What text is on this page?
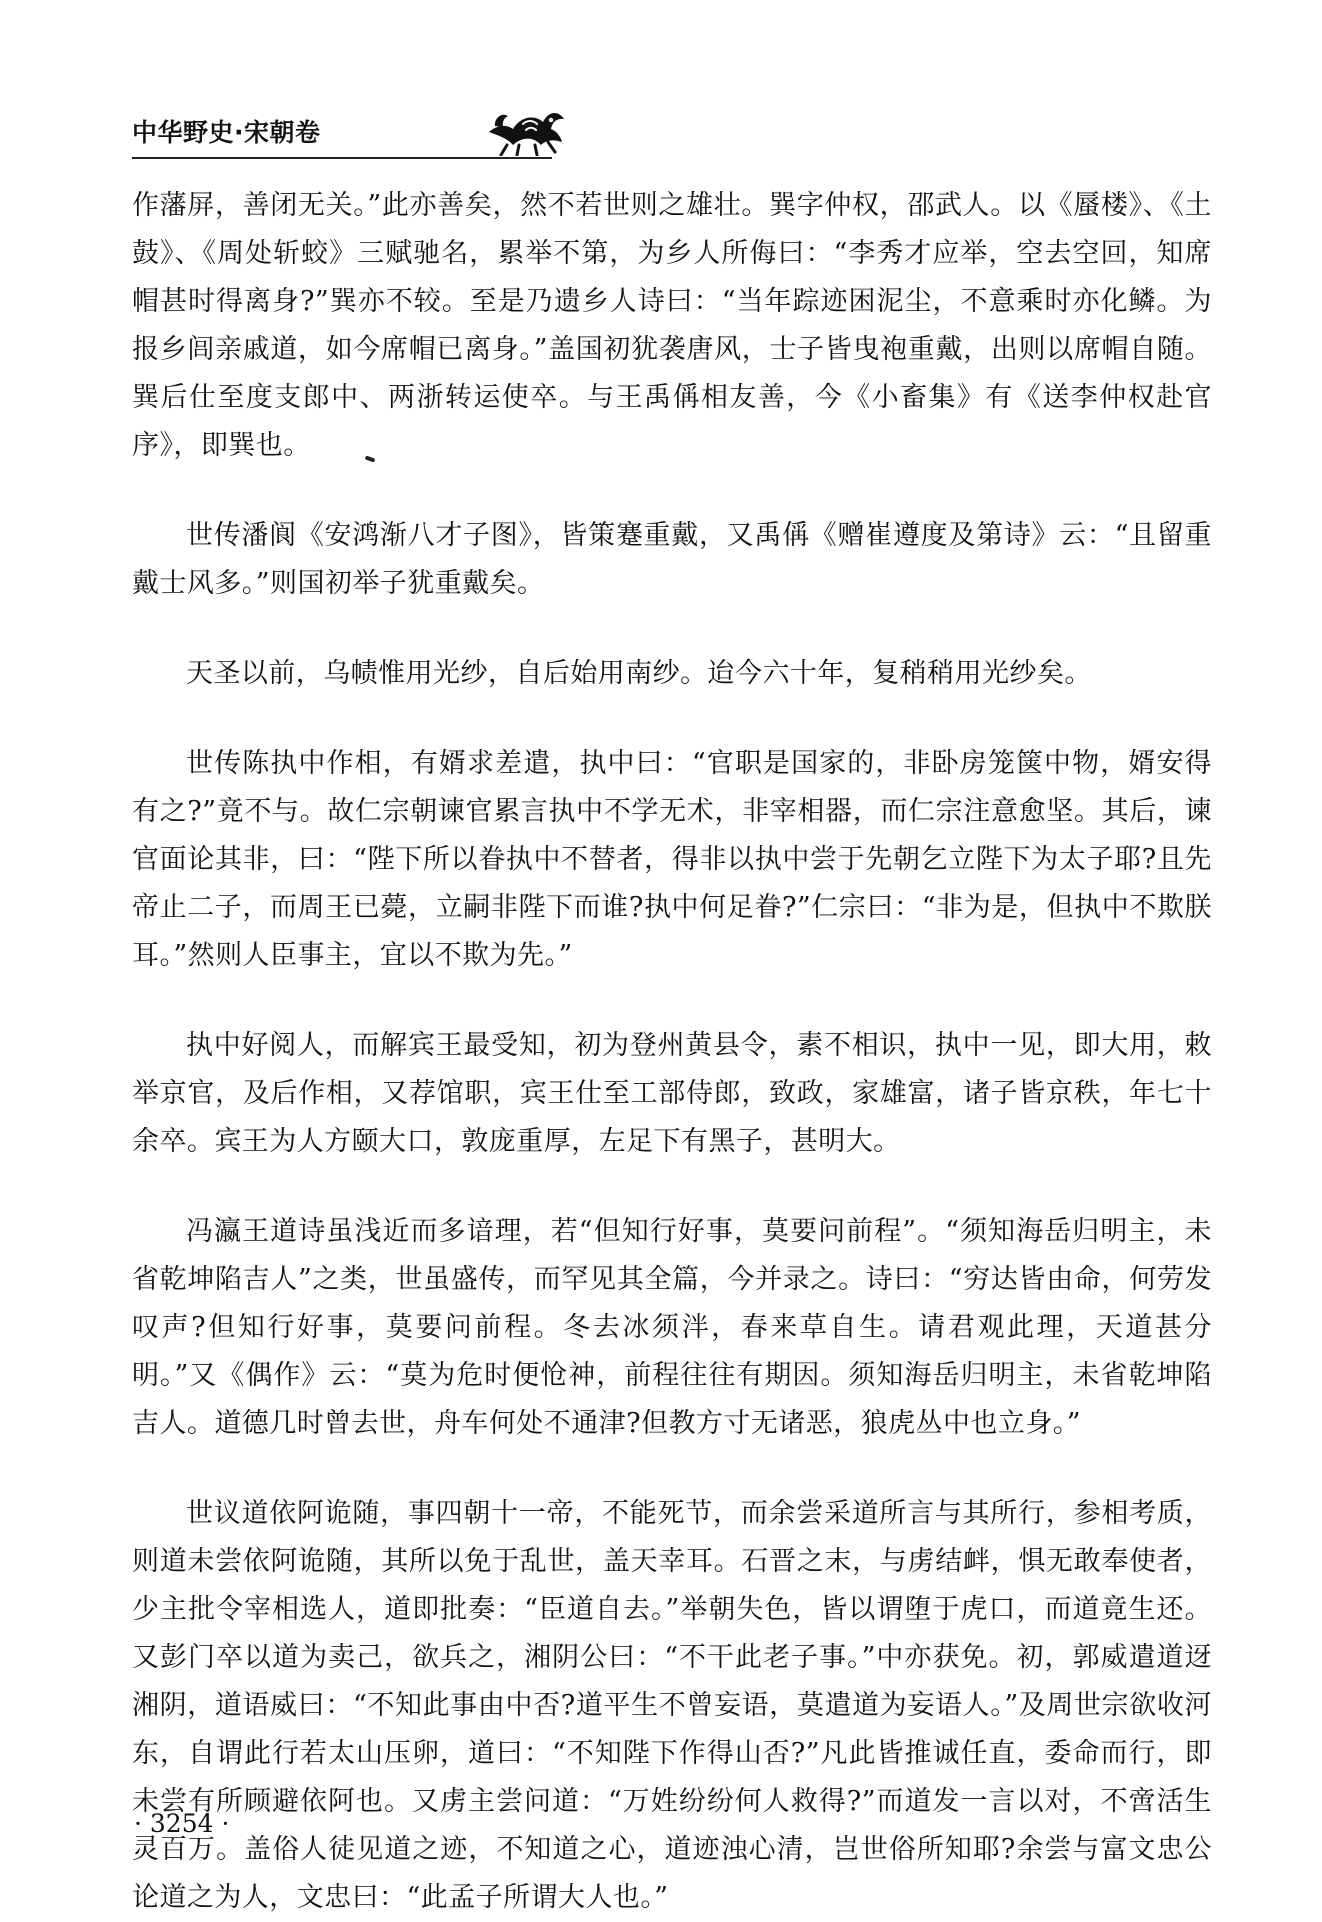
中华野史·宋朝卷

作藩屏，善闭无关。”此亦善矣，然不若世则之雄壮。巽字仲权，邵武人。以《蜃楼》、《土鼓》、《周处斩蛟》三赋驰名，累举不第，为乡人所侮曰：“李秀才应举，空去空回，知席帽甚时得离身?”巽亦不较。至是乃遗乡人诗曰：“当年踪迹困泥尘，不意乘时亦化鳞。为报乡闾亲戚道，如今席帽已离身。”盖国初犹袭唐风，士子皆曳袍重戴，出则以席帽自随。巽后仕至度支郎中、两浙转运使卒。与王禹偁相友善，今《小畜集》有《送李仲权赴官序》，即巽也。

世传潘阆《安鸿渐八才子图》，皆策蹇重戴，又禹偁《赠崔遵度及第诗》云：“且留重戴士风多。”则国初举子犹重戴矣。

天圣以前，乌帻惟用光纱，自后始用南纱。迨今六十年，复稍稍用光纱矣。

世传陈执中作相，有婿求差遣，执中曰：“官职是国家的，非卧房笼箧中物，婿安得有之?”竟不与。故仁宗朝谏官累言执中不学无术，非宰相器，而仁宗注意愈坚。其后，谏官面论其非，曰：“陛下所以眷执中不替者，得非以执中尝于先朝乞立陛下为太子耶?且先帝止二子，而周王已薨，立嗣非陛下而谁?执中何足眷?”仁宗曰：“非为是，但执中不欺朕耳。”然则人臣事主，宜以不欺为先。”

执中好阅人，而解宾王最受知，初为登州黄县令，素不相识，执中一见，即大用，敕举京官，及后作相，又荐馆职，宾王仕至工部侍郎，致政，家雄富，诸子皆京秩，年七十余卒。宾王为人方颐大口，敦庞重厚，左足下有黑子，甚明大。

冯瀛王道诗虽浅近而多谙理，若“但知行好事，莫要问前程”。“须知海岳归明主，未省乾坤陷吉人”之类，世虽盛传，而罕见其全篇，今并录之。诗曰：“穷达皆由命，何劳发叹声?但知行好事，莫要问前程。冬去冰须泮，春来草自生。请君观此理，天道甚分明。”又《偶作》云：“莫为危时便怆神，前程往往有期因。须知海岳归明主，未省乾坤陷吉人。道德几时曾去世，舟车何处不通津?但教方寸无诸恶，狼虎丛中也立身。”

世议道依阿诡随，事四朝十一帝，不能死节，而余尝采道所言与其所行，参相考质，则道未尝依阿诡随，其所以免于乱世，盖天幸耳。石晋之末，与虏结衅，惧无敢奉使者，少主批令宰相选人，道即批奏：“臣道自去。”举朝失色，皆以谓堕于虎口，而道竟生还。又彭门卒以道为卖己，欲兵之，湘阴公曰：“不干此老子事。”中亦获免。初，郭威遣道迓湘阴，道语威曰：“不知此事由中否?道平生不曾妄语，莫遣道为妄语人。”及周世宗欲收河东，自谓此行若太山压卵，道曰：“不知陛下作得山否?”凡此皆推诚任直，委命而行，即未尝有所顾避依阿也。又虏主尝问道：“万姓纷纷何人救得?”而道发一言以对，不啻活生灵百万。盖俗人徒见道之迹，不知道之心，道迹浊心清，岂世俗所知耶?余尝与富文忠公论道之为人，文忠曰：“此孟子所谓大人也。”

· 3254 ·
